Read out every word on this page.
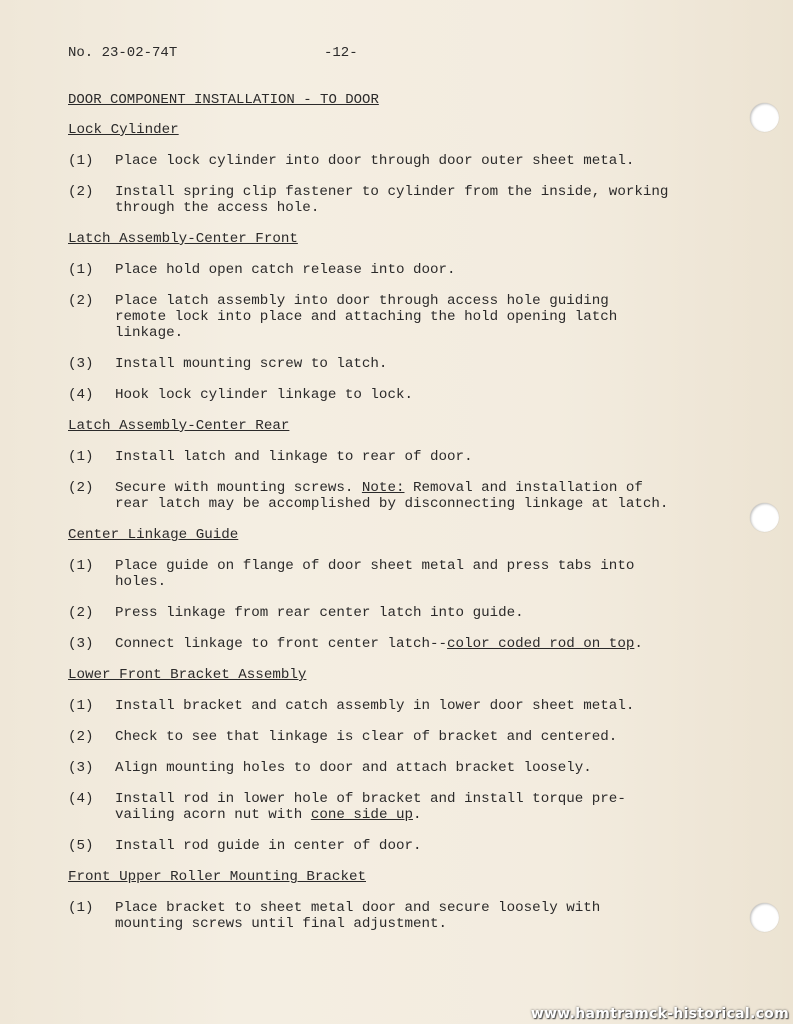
No. 23-02-74T	-12-
DOOR COMPONENT INSTALLATION - TO DOOR
Lock Cylinder
(1)	Place lock cylinder into door through door outer sheet metal.
(2)	Install spring clip fastener to cylinder from the inside, working
through the access hole.
Latch Assembly-Center Front
(1)	Place hold open catch release into door.
(2)	Place latch assembly into door through access hole guiding
remote lock into place and attaching the hold opening latch
linkage.
(3)	Install mounting screw to latch.
(4)	Hook lock cylinder linkage to lock.
Latch Assembly-Center Rear
(1)	Install latch and linkage to rear of door.
(2)	Secure with mounting screws. Note: Removal and installation of
rear latch may be accomplished by disconnecting linkage at latch.
Center Linkage Guide
(1)	Place guide on flange of door sheet metal and press tabs into
holes.
(2)	Press linkage from rear center latch into guide.
(3)	Connect linkage to front center latch--color coded rod on top.
Lower Front Bracket Assembly
(1)	Install bracket and catch assembly in lower door sheet metal.
(2)	Check to see that linkage is clear of bracket and centered.
(3)	Align mounting holes to door and attach bracket loosely.
(4)	Install rod in lower hole of bracket and install torque pre-
vailing acorn nut with cone side up.
(5)	Install rod guide in center of door.
Front Upper Roller Mounting Bracket
(1)	Place bracket to sheet metal door and secure loosely with
mounting screws until final adjustment.
www.hamtramck-historical.com
